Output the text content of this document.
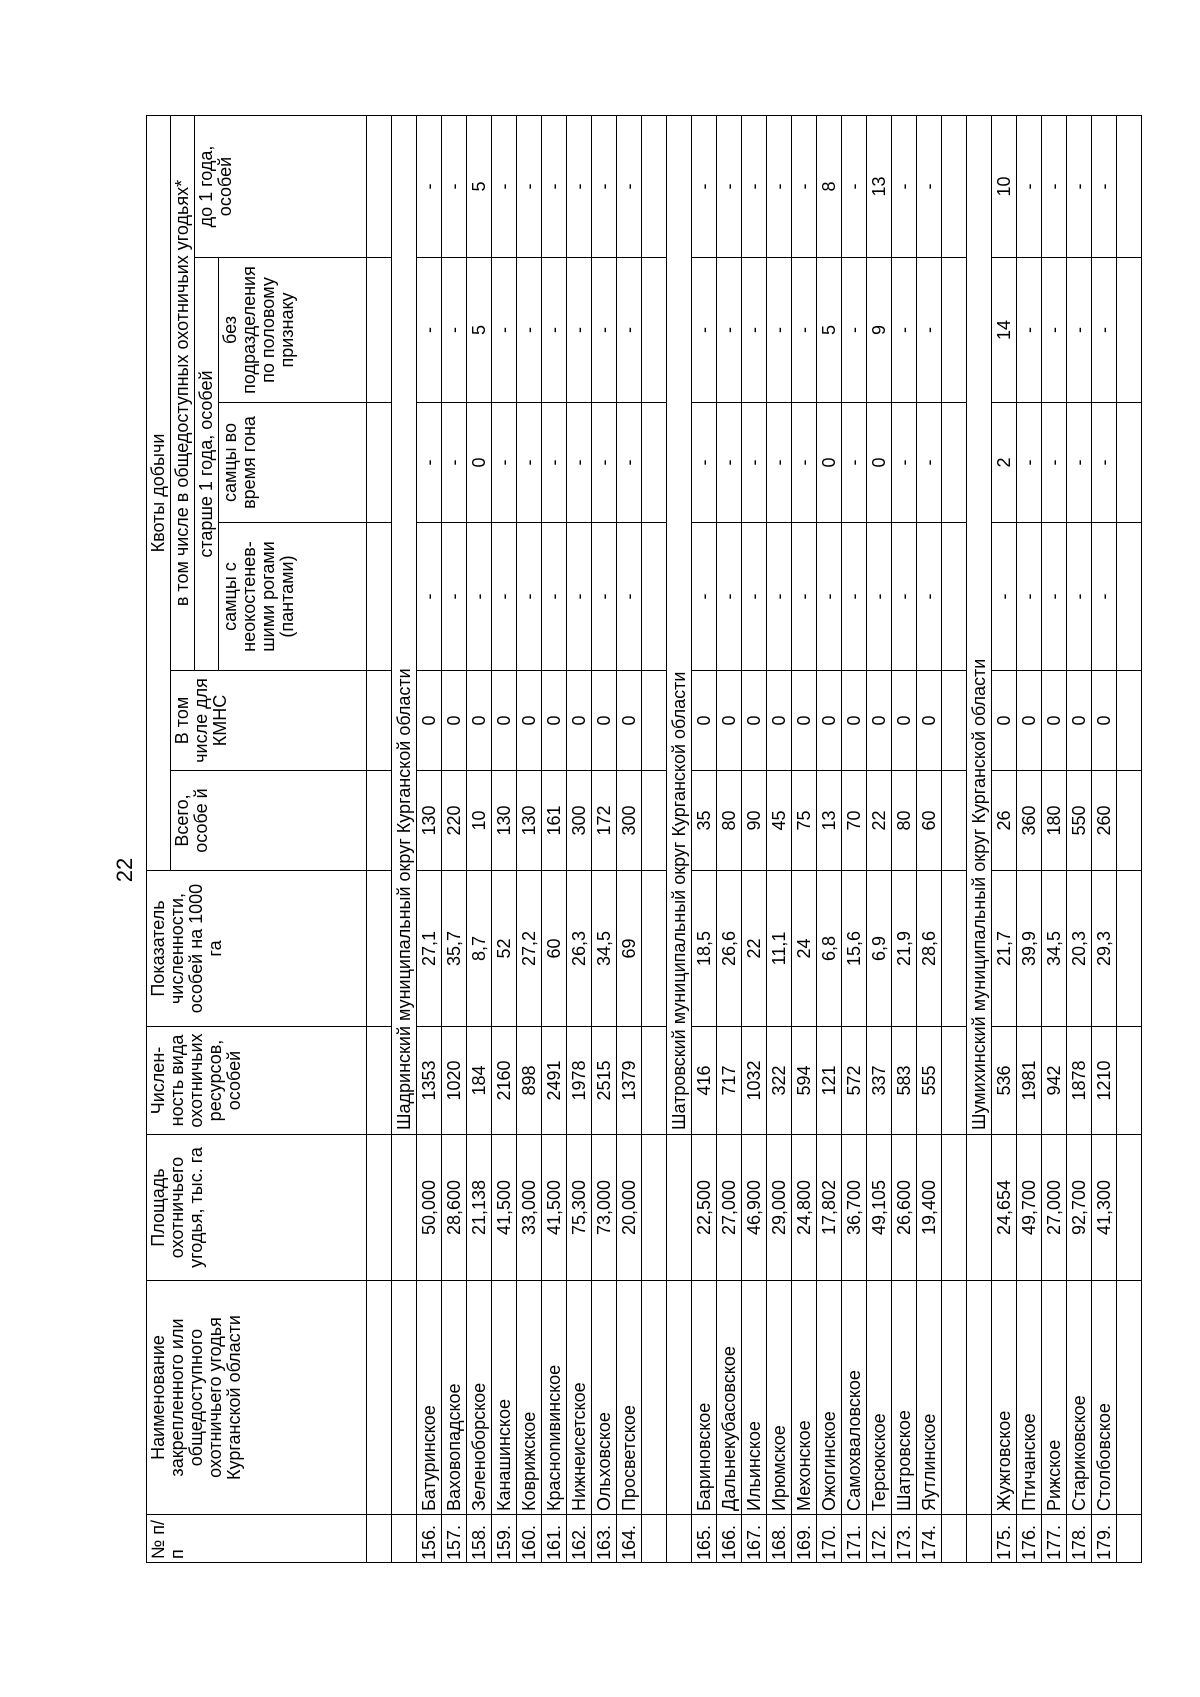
22
№ п/п	Наименование закрепленного или общедоступного охотничьего угодья Курганской области	Площадь охотничьего угодья, тыс. га	Числен-ность вида охотничьих ресурсов, особей	Показатель численности, особей на 1000 га	Квоты добычи					
					Всего, особе й	В том числе для КМНС	в том числе в общедоступных охотничьих угодьях*			
							старше 1 года, особей			до 1 года, особей
							самцы с неокостенев-шими рогами (пантами)	самцы во время гона	без подразделения по половому признаку	

			Шадринский муниципальный округ Курганской области							
156.	Батуринское	50,000	1353	27,1	130	0	-	-	-	-
157.	Ваховопадское	28,600	1020	35,7	220	0	-	-	-	-
158.	Зеленоборское	21,138	184	8,7	10	0	-	0	5	5
159.	Канашинское	41,500	2160	52	130	0	-	-	-	-
160.	Коврижское	33,000	898	27,2	130	0	-	-	-	-
161.	Красноnивинское	41,500	2491	60	161	0	-	-	-	-
162.	Нижнеисетское	75,300	1978	26,3	300	0	-	-	-	-
163.	Ольховское	73,000	2515	34,5	172	0	-	-	-	-
164.	Просветское	20,000	1379	69	300	0	-	-	-	-

			Шатровский муниципальный округ Курганской области							
165.	Бариновское	22,500	416	18,5	35	0	-	-	-	-
166.	Дальнекубасовское	27,000	717	26,6	80	0	-	-	-	-
167.	Ильинское	46,900	1032	22	90	0	-	-	-	-
168.	Ирюмское	29,000	322	11,1	45	0	-	-	-	-
169.	Мехонское	24,800	594	24	75	0	-	-	-	-
170.	Ожогинское	17,802	121	6,8	13	0	-	0	5	8
171.	Самохваловское	36,700	572	15,6	70	0	-	-	-	-
172.	Терсюкское	49,105	337	6,9	22	0	-	0	9	13
173.	Шатровское	26,600	583	21,9	80	0	-	-	-	-
174.	Яутлинское	19,400	555	28,6	60	0	-	-	-	-

			Шумихинский муниципальный округ Курганской области							
175.	Жужговское	24,654	536	21,7	26	0	-	2	14	10
176.	Птичанское	49,700	1981	39,9	360	0	-	-	-	-
177.	Рижское	27,000	942	34,5	180	0	-	-	-	-
178.	Стариковское	92,700	1878	20,3	550	0	-	-	-	-
179.	Столбовское	41,300	1210	29,3	260	0	-	-	-	-
